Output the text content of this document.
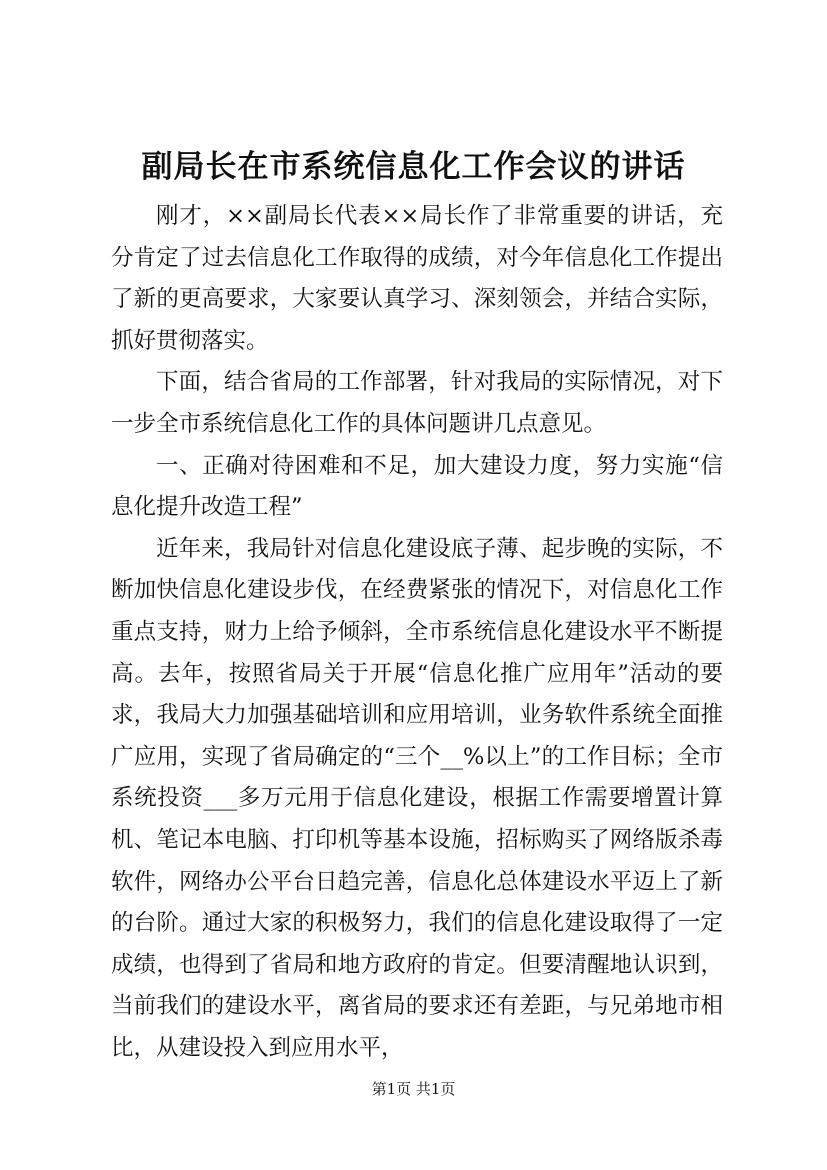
副局长在市系统信息化工作会议的讲话

刚才，××副局长代表××局长作了非常重要的讲话，充分肯定了过去信息化工作取得的成绩，对今年信息化工作提出了新的更高要求，大家要认真学习、深刻领会，并结合实际，抓好贯彻落实。

下面，结合省局的工作部署，针对我局的实际情况，对下一步全市系统信息化工作的具体问题讲几点意见。

一、正确对待困难和不足，加大建设力度，努力实施“信息化提升改造工程”

近年来，我局针对信息化建设底子薄、起步晚的实际，不断加快信息化建设步伐，在经费紧张的情况下，对信息化工作重点支持，财力上给予倾斜，全市系统信息化建设水平不断提高。去年，按照省局关于开展“信息化推广应用年”活动的要求，我局大力加强基础培训和应用培训，业务软件系统全面推广应用，实现了省局确定的“三个__%以上”的工作目标；全市系统投资___多万元用于信息化建设，根据工作需要增置计算机、笔记本电脑、打印机等基本设施，招标购买了网络版杀毒软件，网络办公平台日趋完善，信息化总体建设水平迈上了新的台阶。通过大家的积极努力，我们的信息化建设取得了一定成绩，也得到了省局和地方政府的肯定。但要清醒地认识到，当前我们的建设水平，离省局的要求还有差距，与兄弟地市相比，从建设投入到应用水平，

第1页 共1页
